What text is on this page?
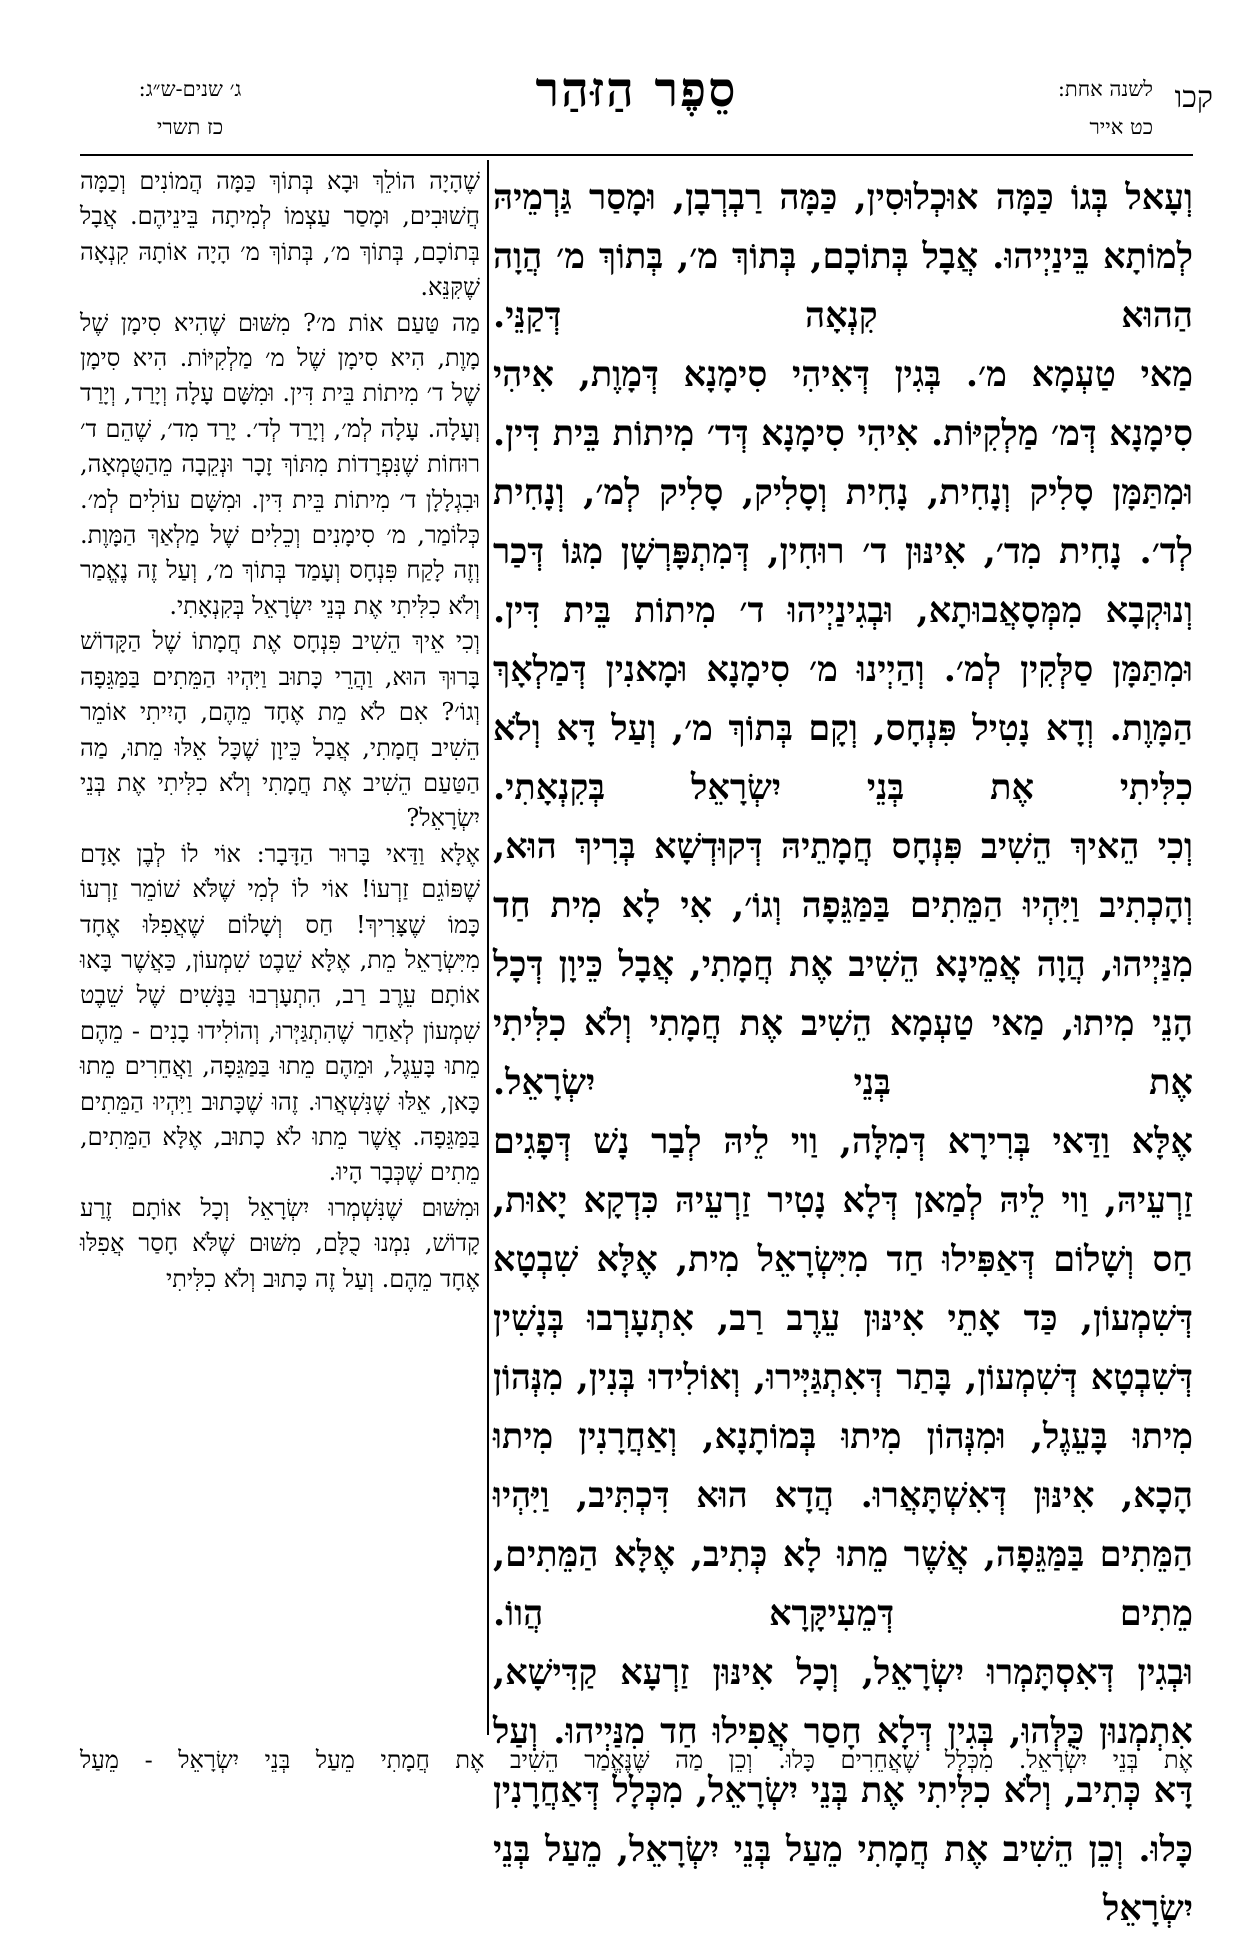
קכו
לשנה אחת:
כט אייר
סֵפֶר הַזּהַר
ג׳ שנים-ש״ג:
כז תשרי

וְעָאל בְּגוֹ כַּמָּה אוּכְלוּסִין, כַּמָּה רַבְרְבָן, וּמָסַר גַּרְמֵיהּ לְמוֹתָא בֵּינַיְיהוּ. אֲבָל בְּתוֹכָם, בְּתוֹךְ מ׳, בְּתוֹךְ מ׳ הֲוָה הַהוּא קִנְאָה דְּקַנֵּי.

מַאי טַעְמָא מ׳. בְּגִין דְּאִיהִי סִימָנָא דְּמָוֶת, אִיהִי סִימָנָא דְּמ׳ מַלְקִיּוֹת. אִיהִי סִימָנָא דְּד׳ מִיתוֹת בֵּית דִּין. וּמִתַּמָּן סָלִיק וְנָחִית, נָחִית וְסָלִיק, סָלִיק לְמ׳, וְנָחִית לְד׳. נָחִית מִד׳, אִינּוּן ד׳ רוּחִין, דְּמִתְפָּרְשָׁן מִגּוֹ דְּכַר וְנוּקְבָא מִמְּסָאֲבוּתָא, וּבְגִינַיְיהוּ ד׳ מִיתוֹת בֵּית דִּין. וּמִתַּמָּן סַלְּקִין לְמ׳. וְהַיְינוּ מ׳ סִימָנָא וּמָאנִין דְּמַלְאָךְ הַמָּוֶת. וְדָא נָטִיל פִּנְחָס, וְקָם בְּתוֹךְ מ׳, וְעַל דָּא וְלֹא כִלִּיתִי אֶת בְּנֵי יִשְׂרָאֵל בְּקִנְאָתִי.

וְכִי הֵאיךְ הֵשִׁיב פִּנְחָס חֲמָתֵיהּ דְּקוּדְשָׁא בְּרִיךְ הוּא, וְהָכְתִיב וַיִּהְיוּ הַמֵּתִים בַּמַּגֵּפָה וְגוֹ׳, אִי לָא מִית חַד מִנַּיְיהוּ, הֲוָה אֲמֵינָא הֵשִׁיב אֶת חֲמָתִי, אֲבָל כֵּיוָן דְּכָל הָנֵי מִיתוּ, מַאי טַעְמָא הֵשִׁיב אֶת חֲמָתִי וְלֹא כִלִּיתִי אֶת בְּנֵי יִשְׂרָאֵל.

אֶלָּא וַדַּאי בְּרִירָא דְּמִלָּה, וַוי לֵיהּ לְבַר נָשׁ דְּפָגִים זַרְעֵיהּ, וַוי לֵיהּ לְמַאן דְּלָא נָטִיר זַרְעֵיהּ כִּדְקָא יָאוּת, חַס וְשָׁלוֹם דְּאַפִּילוּ חַד מִיִּשְׂרָאֵל מִית, אֶלָּא שִׁבְטָא דְּשִׁמְעוֹן, כַּד אָתֵי אִינּוּן עֵרֶב רַב, אִתְעָרְבוּ בְּנָשִׁין דְּשִׁבְטָא דְּשִׁמְעוֹן, בָּתַר דְּאִתְגַּיְּירוּ, וְאוֹלִידוּ בְּנִין, מִנְּהוֹן מִיתוּ בָּעֵגֶל, וּמִנְּהוֹן מִיתוּ בְּמוֹתָנָא, וְאַחֲרָנִין מִיתוּ הָכָא, אִינּוּן דְּאִשְׁתָּאֲרוּ. הֲדָא הוּא דִּכְתִּיב, וַיִּהְיוּ הַמֵּתִים בַּמַּגֵּפָה, אֲשֶׁר מֵתוּ לָא כְּתִיב, אֶלָּא הַמֵּתִים, מֵתִים דְּמֵעִיקָּרָא הֲווֹ.

וּבְגִין דְּאִסְתָּמְרוּ יִשְׂרָאֵל, וְכָל אִינּוּן זַרְעָא קַדִּישָׁא, אִתְמְנוּן כֻּלְּהוּ, בְּגִין דְּלָא חָסַר אֲפִילוּ חַד מִנַּיְיהוּ. וְעַל דָּא כְּתִיב, וְלֹא כִלִּיתִי אֶת בְּנֵי יִשְׂרָאֵל, מִכְּלָל דְּאַחֲרָנִין כָּלוּ. וְכֵן הֵשִׁיב אֶת חֲמָתִי מֵעַל בְּנֵי יִשְׂרָאֵל, מֵעַל בְּנֵי יִשְׂרָאֵל

שֶׁהָיָה הוֹלֵךְ וּבָא בְּתוֹךְ כַּמָּה הֲמוֹנִים וְכַמָּה חֲשׁוּבִים, וּמָסַר עַצְמוֹ לְמִיתָה בֵּינֵיהֶם. אֲבָל בְּתוֹכָם, בְּתוֹךְ מ׳, בְּתוֹךְ מ׳ הָיָה אוֹתָהּ קִנְאָה שֶׁקִּנֵּא.

מַה טַּעַם אוֹת מ׳? מִשּׁוּם שֶׁהִיא סִימָן שֶׁל מָוֶת, הִיא סִימָן שֶׁל מ׳ מַלְקִיּוֹת. הִיא סִימָן שֶׁל ד׳ מִיתוֹת בֵּית דִּין. וּמִשָּׁם עָלָה וְיָרַד, וְיָרַד וְעָלָה. עָלָה לְמ׳, וְיָרַד לְד׳. יָרַד מִד׳, שֶׁהֵם ד׳ רוּחוֹת שֶׁנִּפְרָדוֹת מִתּוֹךְ זָכָר וּנְקֵבָה מֵהַטֻּמְאָה, וּבִגְלָלָן ד׳ מִיתוֹת בֵּית דִּין. וּמִשָּׁם עוֹלִים לְמ׳. כְּלוֹמַר, מ׳ סִימָנִים וְכֵלִים שֶׁל מַלְאַךְ הַמָּוֶת. וְזֶה לָקַח פִּנְחָס וְעָמַד בְּתוֹךְ מ׳, וְעַל זֶה נֶאֱמַר וְלֹא כִלִּיתִי אֶת בְּנֵי יִשְׂרָאֵל בְּקִנְאָתִי.

וְכִי אֵיךְ הֵשִׁיב פִּנְחָס אֶת חֲמָתוֹ שֶׁל הַקָּדוֹשׁ בָּרוּךְ הוּא, וַהֲרֵי כָּתוּב וַיִּהְיוּ הַמֵּתִים בַּמַּגֵּפָה וְגוֹ׳? אִם לֹא מֵת אֶחָד מֵהֶם, הָיִיתִי אוֹמֵר הֵשִׁיב חֲמָתִי, אֲבָל כֵּיוָן שֶׁכָּל אֵלּוּ מֵתוּ, מַה הַטַּעַם הֵשִׁיב אֶת חֲמָתִי וְלֹא כִלִּיתִי אֶת בְּנֵי יִשְׂרָאֵל?

אֶלָּא וַדַּאי בָּרוּר הַדָּבָר: אוֹי לוֹ לְבֶן אָדָם שֶׁפּוֹגֵם זַרְעוֹ! אוֹי לוֹ לְמִי שֶׁלֹּא שׁוֹמֵר זַרְעוֹ כָּמוֹ שֶׁצָּרִיךְ! חַס וְשָׁלוֹם שֶׁאֲפִלּוּ אֶחָד מִיִּשְׂרָאֵל מֵת, אֶלָּא שֵׁבֶט שִׁמְעוֹן, כַּאֲשֶׁר בָּאוּ אוֹתָם עֵרֶב רַב, הִתְעָרְבוּ בַּנָּשִׁים שֶׁל שֵׁבֶט שִׁמְעוֹן לְאַחַר שֶׁהִתְגַּיְּרוּ, וְהוֹלִידוּ בָנִים - מֵהֶם מֵתוּ בָּעֵגֶל, וּמֵהֶם מֵתוּ בַּמַּגֵּפָה, וַאֲחֵרִים מֵתוּ כָּאן, אֵלּוּ שֶׁנִּשְׁאֲרוּ. זֶהוּ שֶׁכָּתוּב וַיִּהְיוּ הַמֵּתִים בַּמַּגֵּפָה. אֲשֶׁר מֵתוּ לֹא כָתוּב, אֶלָּא הַמֵּתִים, מֵתִים שֶׁכְּבָר הָיוּ.

וּמִשּׁוּם שֶׁנִּשְׁמְרוּ יִשְׂרָאֵל וְכָל אוֹתָם זֶרַע קָדוֹשׁ, נִמְנוּ כֻלָּם, מִשּׁוּם שֶׁלֹּא חָסַר אֲפִלּוּ אֶחָד מֵהֶם. וְעַל זֶה כָּתוּב וְלֹא כִלִּיתִי

אֶת בְּנֵי יִשְׂרָאֵל. מִכְּלָל שֶׁאֲחֵרִים כָּלוּ. וְכֵן מַה שֶּׁנֶּאֱמַר הֵשִׁיב אֶת חֲמָתִי מֵעַל בְּנֵי יִשְׂרָאֵל - מֵעַל
